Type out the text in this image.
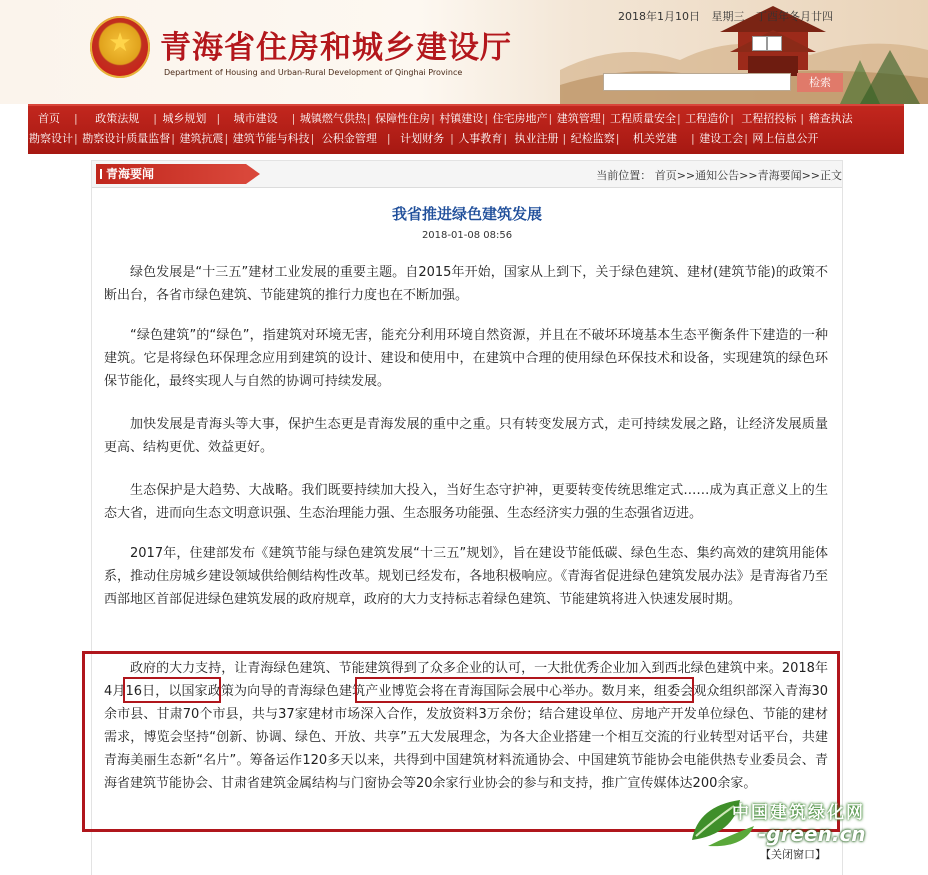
★ 青海省住房和城乡建设厅
Department of Housing and Urban-Rural Development of Qinghai Province
2018年1月10日 星期三 丁酉年冬月廿四
检索
首页 | 政策法规 | 城乡规划 | 城市建设 | 城镇燃气供热| 保障性住房| 村镇建设| 住宅房地产| 建筑管理| 工程质量安全| 工程造价| 工程招投标 | 稽查执法
勘察设计| 勘察设计质量监督| 建筑抗震| 建筑节能与科技| 公积金管理 | 计划财务 | 人事教育| 执业注册 | 纪检监察| 机关党建 | 建设工会| 网上信息公开
青海要闻	当前位置： 首页>>通知公告>>青海要闻>>正文
我省推进绿色建筑发展
2018-01-08 08:56

绿色发展是“十三五”建材工业发展的重要主题。自2015年开始，国家从上到下，关于绿色建筑、建材(建筑节能)的政策不断出台，各省市绿色建筑、节能建筑的推行力度也在不断加强。

“绿色建筑”的“绿色”，指建筑对环境无害，能充分利用环境自然资源，并且在不破坏环境基本生态平衡条件下建造的一种建筑。它是将绿色环保理念应用到建筑的设计、建设和使用中，在建筑中合理的使用绿色环保技术和设备，实现建筑的绿色环保节能化，最终实现人与自然的协调可持续发展。

加快发展是青海头等大事，保护生态更是青海发展的重中之重。只有转变发展方式，走可持续发展之路，让经济发展质量更高、结构更优、效益更好。

生态保护是大趋势、大战略。我们既要持续加大投入，当好生态守护神，更要转变传统思维定式……成为真正意义上的生态大省，进而向生态文明意识强、生态治理能力强、生态服务功能强、生态经济实力强的生态强省迈进。

2017年，住建部发布《建筑节能与绿色建筑发展“十三五”规划》，旨在建设节能低碳、绿色生态、集约高效的建筑用能体系，推动住房城乡建设领域供给侧结构性改革。规划已经发布，各地积极响应。《青海省促进绿色建筑发展办法》是青海省乃至西部地区首部促进绿色建筑发展的政府规章，政府的大力支持标志着绿色建筑、节能建筑将进入快速发展时期。

政府的大力支持，让青海绿色建筑、节能建筑得到了众多企业的认可，一大批优秀企业加入到西北绿色建筑中来。2018年4月16日，以国家政策为向导的青海绿色建筑产业博览会将在青海国际会展中心举办。数月来，组委会观众组织部深入青海30余市县、甘肃70个市县，共与37家建材市场深入合作，发放资料3万余份；结合建设单位、房地产开发单位绿色、节能的建材需求，博览会坚持“创新、协调、绿色、开放、共享”五大发展理念，为各大企业搭建一个相互交流的行业转型对话平台，共建青海美丽生态新“名片”。筹备运作120多天以来，共得到中国建筑材料流通协会、中国建筑节能协会电能供热专业委员会、青海省建筑节能协会、甘肃省建筑金属结构与门窗协会等20余家行业协会的参与和支持，推广宣传媒体达200余家。

中国建筑绿化网
-green.cn
【关闭窗口】
